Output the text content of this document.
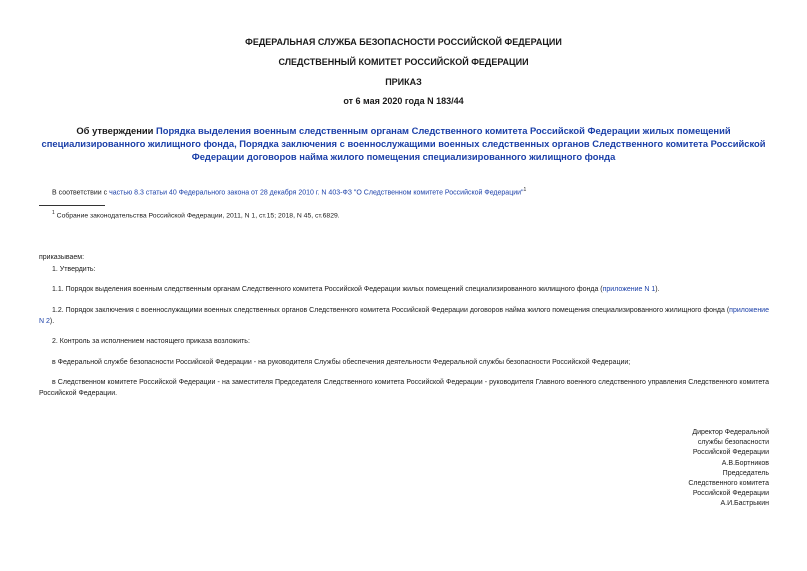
ФЕДЕРАЛЬНАЯ СЛУЖБА БЕЗОПАСНОСТИ РОССИЙСКОЙ ФЕДЕРАЦИИ
СЛЕДСТВЕННЫЙ КОМИТЕТ РОССИЙСКОЙ ФЕДЕРАЦИИ
ПРИКАЗ
от 6 мая 2020 года N 183/44
Об утверждении Порядка выделения военным следственным органам Следственного комитета Российской Федерации жилых помещений специализированного жилищного фонда, Порядка заключения с военнослужащими военных следственных органов Следственного комитета Российской Федерации договоров найма жилого помещения специализированного жилищного фонда
В соответствии с частью 8.3 статьи 40 Федерального закона от 28 декабря 2010 г. N 403-ФЗ "О Следственном комитете Российской Федерации"$^1$
$^1$ Собрание законодательства Российской Федерации, 2011, N 1, ст.15; 2018, N 45, ст.6829.
приказываем:
1. Утвердить:
1.1. Порядок выделения военным следственным органам Следственного комитета Российской Федерации жилых помещений специализированного жилищного фонда (приложение N 1).
1.2. Порядок заключения с военнослужащими военных следственных органов Следственного комитета Российской Федерации договоров найма жилого помещения специализированного жилищного фонда (приложение N 2).
2. Контроль за исполнением настоящего приказа возложить:
в Федеральной службе безопасности Российской Федерации - на руководителя Службы обеспечения деятельности Федеральной службы безопасности Российской Федерации;
в Следственном комитете Российской Федерации - на заместителя Председателя Следственного комитета Российской Федерации - руководителя Главного военного следственного управления Следственного комитета Российской Федерации.
Директор Федеральной
службы безопасности
Российской Федерации
А.В.Бортников
Председатель
Следственного комитета
Российской Федерации
А.И.Бастрыкин
